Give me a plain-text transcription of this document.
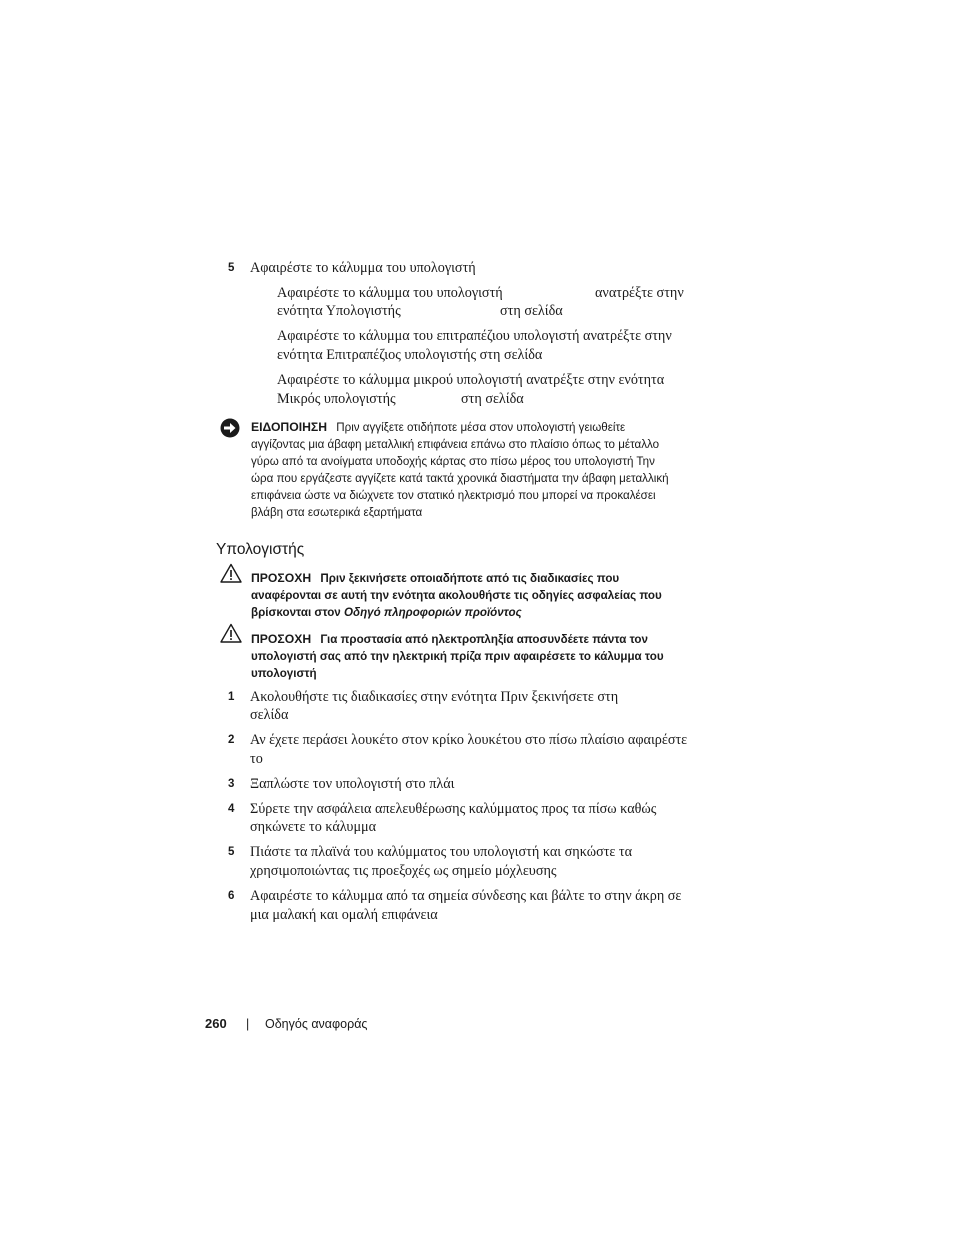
5 Αφαιρέστε το κάλυμμα του υπολογιστή
Αφαιρέστε το κάλυμμα του υπολογιστή	ανατρέξτε στην
ενότητα Υπολογιστής	στη σελίδα
Αφαιρέστε το κάλυμμα του επιτραπέζιου υπολογιστή ανατρέξτε στην
ενότητα Επιτραπέζιος υπολογιστής στη σελίδα
Αφαιρέστε το κάλυμμα μικρού υπολογιστή ανατρέξτε στην ενότητα
Μικρός υπολογιστής	στη σελίδα
ΕΙΔΟΠΟΙΗΣΗ Πριν αγγίξετε οτιδήποτε μέσα στον υπολογιστή γειωθείτε
αγγίζοντας μια άβαφη μεταλλική επιφάνεια επάνω στο πλαίσιο όπως το μέταλλο
γύρω από τα ανοίγματα υποδοχής κάρτας στο πίσω μέρος του υπολογιστή Την
ώρα που εργάζεστε αγγίζετε κατά τακτά χρονικά διαστήματα την άβαφη μεταλλική
επιφάνεια ώστε να διώχνετε τον στατικό ηλεκτρισμό που μπορεί να προκαλέσει
βλάβη στα εσωτερικά εξαρτήματα
Υπολογιστής
ΠΡΟΣΟΧΗ Πριν ξεκινήσετε οποιαδήποτε από τις διαδικασίες που
αναφέρονται σε αυτή την ενότητα ακολουθήστε τις οδηγίες ασφαλείας που
βρίσκονται στον Οδηγό πληροφοριών προϊόντος
ΠΡΟΣΟΧΗ Για προστασία από ηλεκτροπληξία αποσυνδέετε πάντα τον
υπολογιστή σας από την ηλεκτρική πρίζα πριν αφαιρέσετε το κάλυμμα του
υπολογιστή
1 Ακολουθήστε τις διαδικασίες στην ενότητα Πριν ξεκινήσετε στη
σελίδα
2 Αν έχετε περάσει λουκέτο στον κρίκο λουκέτου στο πίσω πλαίσιο αφαιρέστε
το
3 Ξαπλώστε τον υπολογιστή στο πλάι
4 Σύρετε την ασφάλεια απελευθέρωσης καλύμματος προς τα πίσω καθώς
σηκώνετε το κάλυμμα
5 Πιάστε τα πλαϊνά του καλύμματος του υπολογιστή και σηκώστε τα
χρησιμοποιώντας τις προεξοχές ως σημείο μόχλευσης
6 Αφαιρέστε το κάλυμμα από τα σημεία σύνδεσης και βάλτε το στην άκρη σε
μια μαλακή και ομαλή επιφάνεια
260 | Οδηγός αναφοράς
